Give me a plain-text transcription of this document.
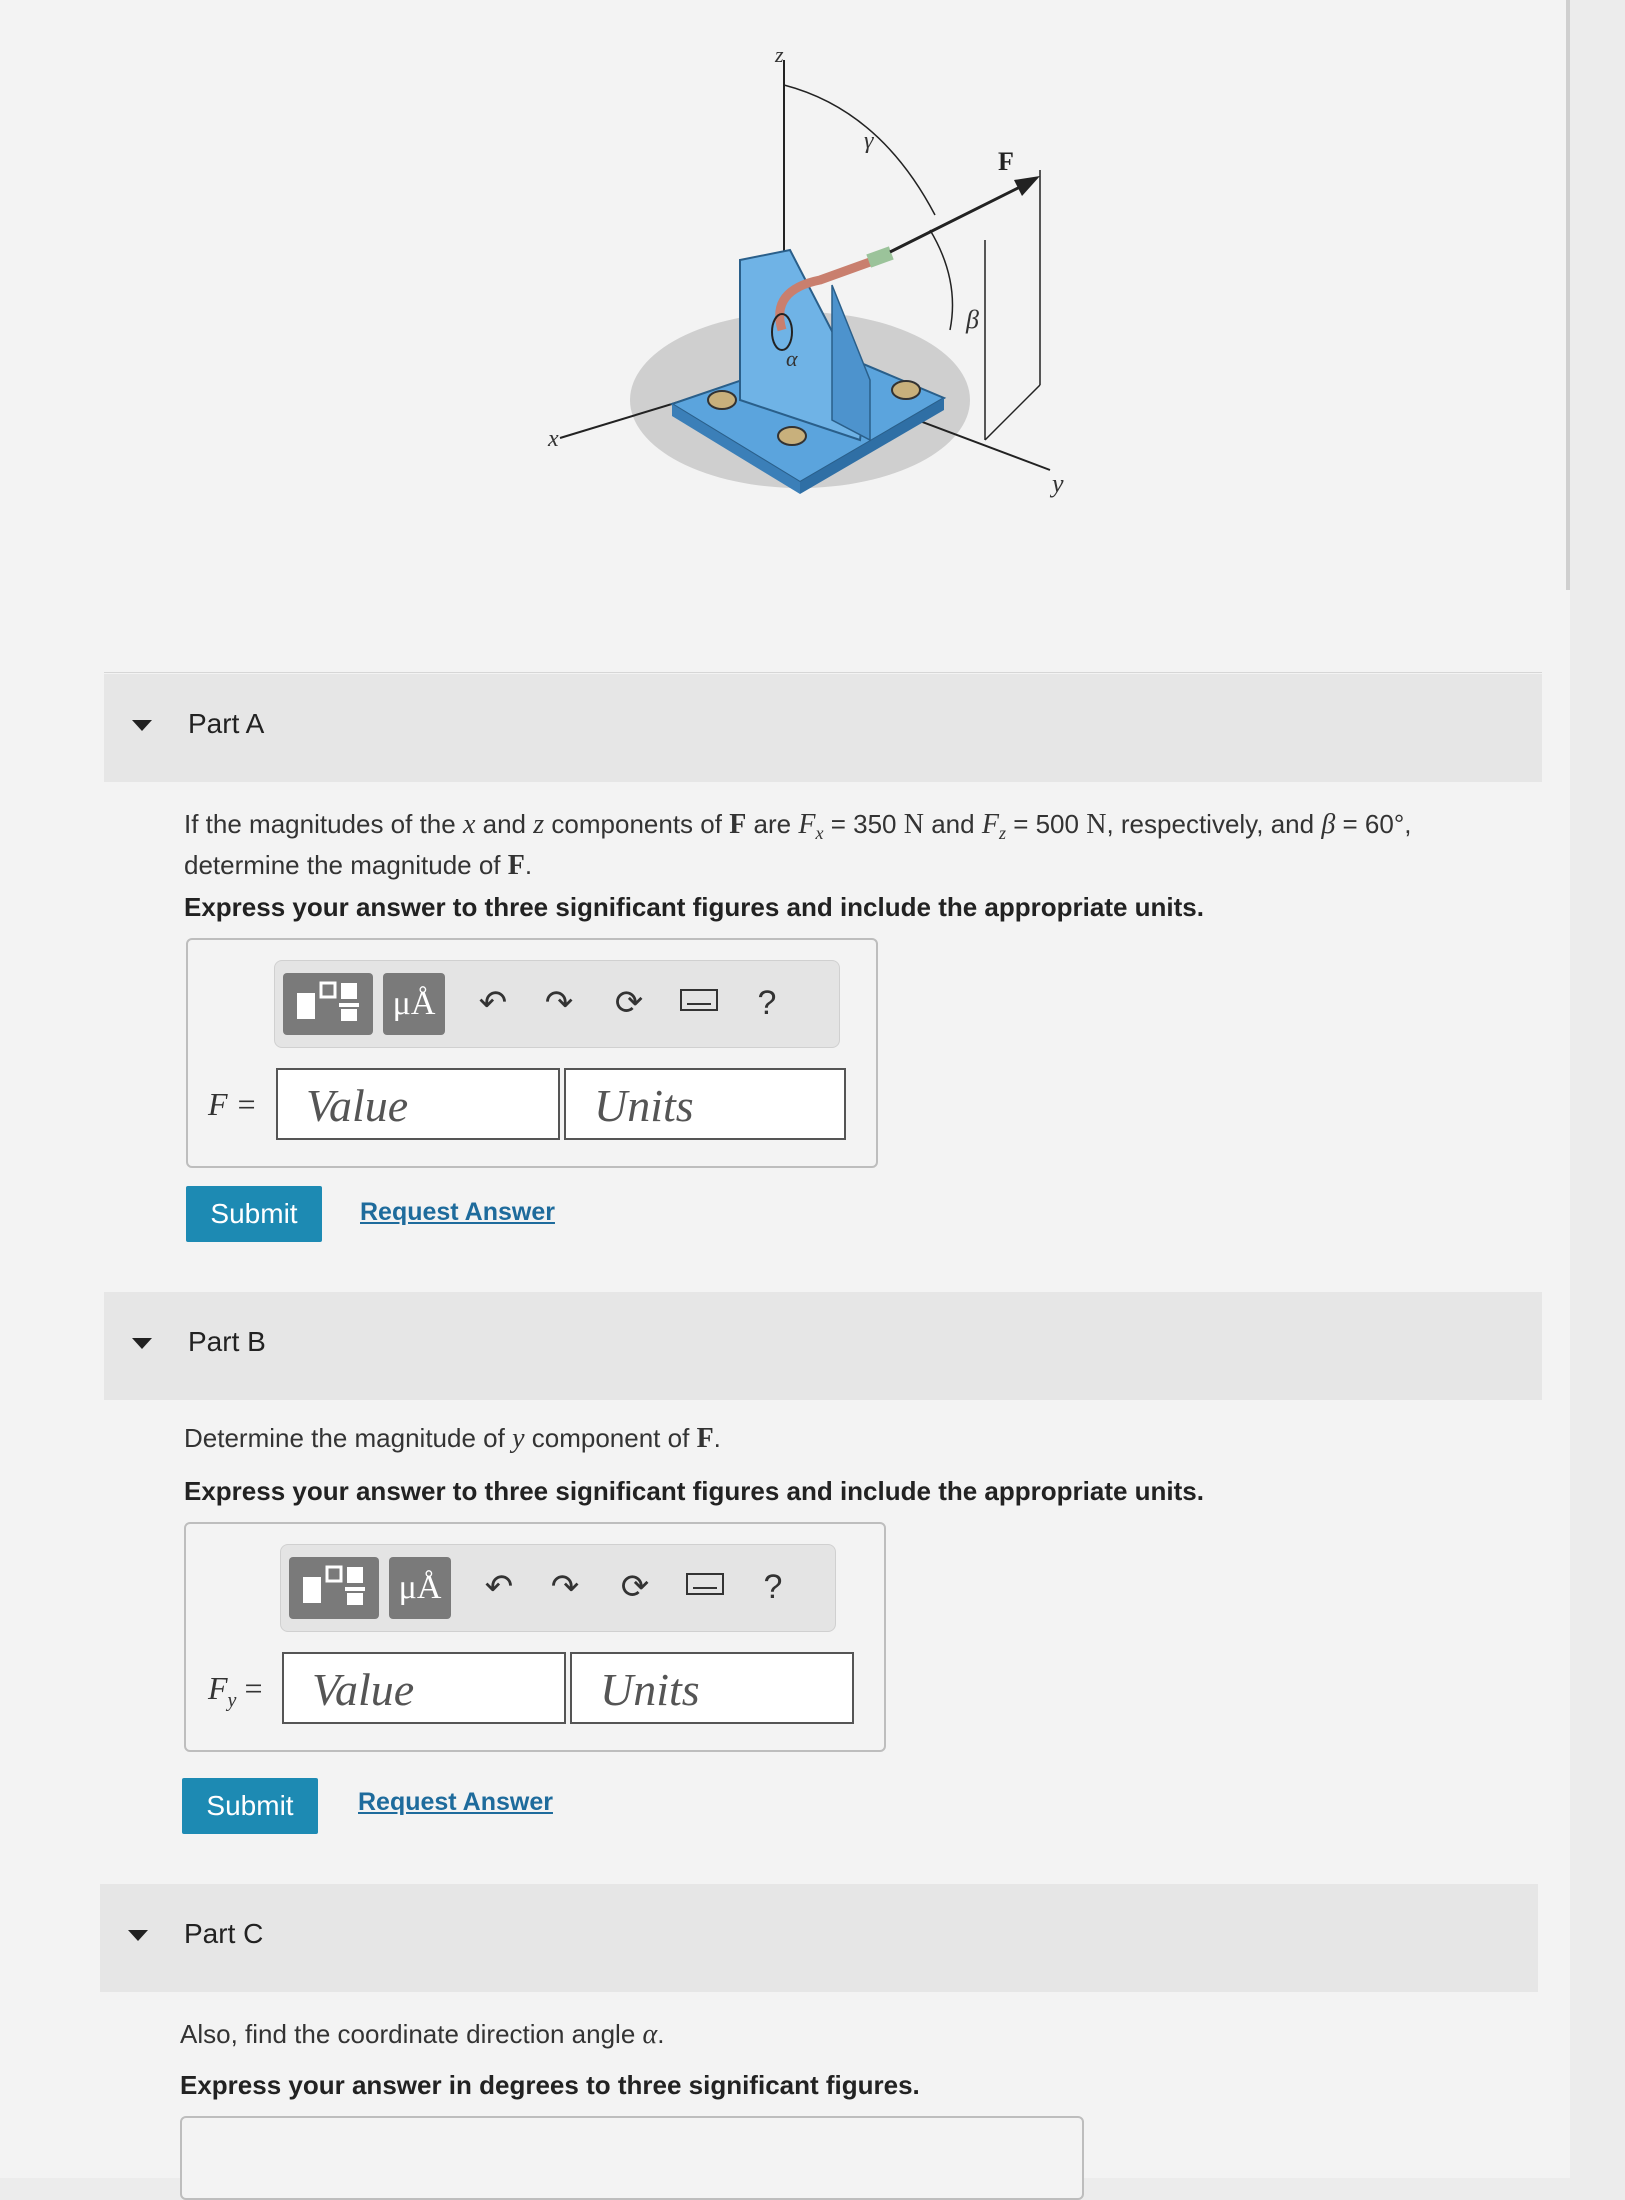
z
x
y
F
α
β
γ
Part A
If the magnitudes of the x and z components of F are $F_x = 350$ N and $F_z = 500$ N, respectively, and β = 60°,
determine the magnitude of F.
Express your answer to three significant figures and include the appropriate units.
μÅ ↶ ↷ ⟳	?
F =	Value	Units
Submit	Request Answer
Part B
Determine the magnitude of y component of F.
Express your answer to three significant figures and include the appropriate units.
μÅ ↶ ↷ ⟳	?
$F_y$ =	Value	Units
Submit	Request Answer
Part C
Also, find the coordinate direction angle α.
Express your answer in degrees to three significant figures.
